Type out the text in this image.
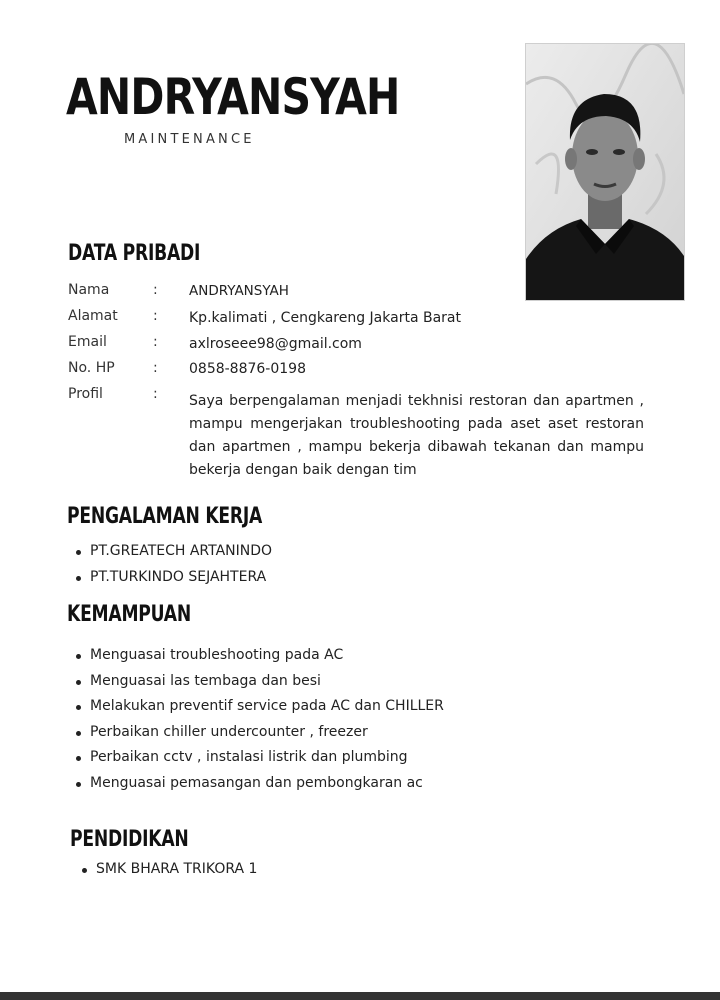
ANDRYANSYAH
MAINTENANCE
DATA PRIBADI
Nama	: ANDRYANSYAH
Alamat	: Kp.kalimati , Cengkareng Jakarta Barat
Email	: axlroseee98@gmail.com
No. HP	: 0858-8876-0198
Profil	: Saya berpengalaman menjadi tekhnisi restoran dan apartmen , mampu mengerjakan troubleshooting pada aset aset restoran dan apartmen , mampu bekerja dibawah tekanan dan mampu bekerja dengan baik dengan tim
PENGALAMAN KERJA
PT.GREATECH ARTANINDO
PT.TURKINDO SEJAHTERA
KEMAMPUAN
Menguasai troubleshooting pada AC
Menguasai las tembaga dan besi
Melakukan preventif service pada AC dan CHILLER
Perbaikan chiller undercounter , freezer
Perbaikan cctv , instalasi listrik dan plumbing
Menguasai pemasangan dan pembongkaran ac
PENDIDIKAN
SMK BHARA TRIKORA 1
